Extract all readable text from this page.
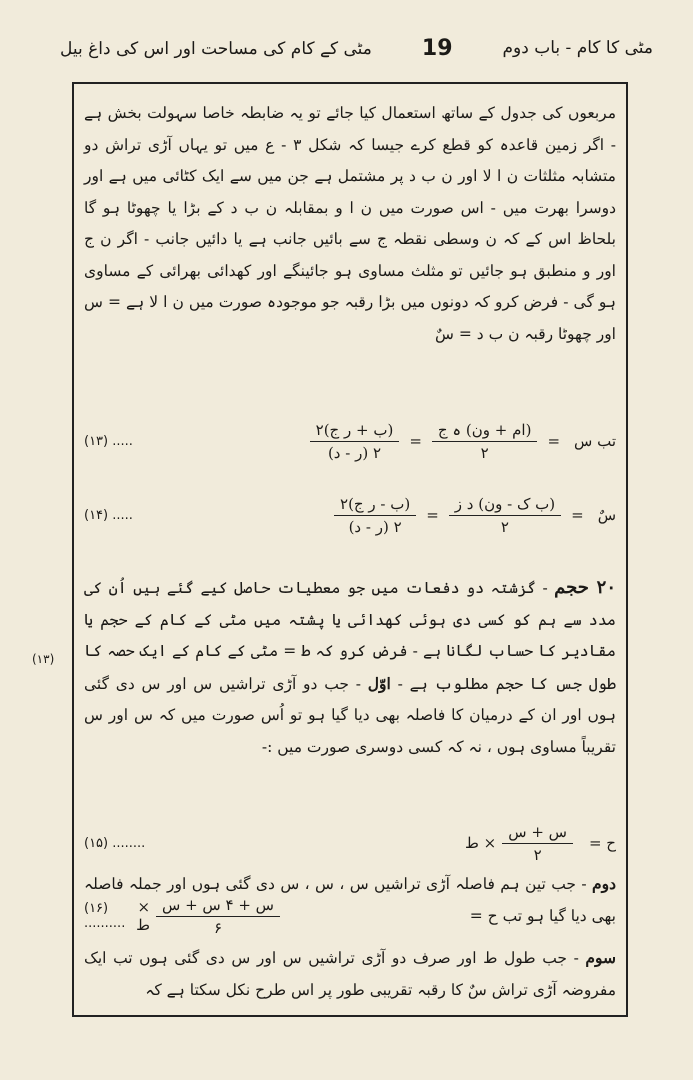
مٹی کا کام - باب دوم
19
مٹی کے کام کی مساحت اور اس کی داغ بیل
(۱۳)
مربعوں کی جدول کے ساتھ استعمال کیا جائے تو یہ ضابطہ خاصا سہولت بخش ہے - اگر زمین قاعدہ کو قطع کرے جیسا کہ شکل ۳ - ع میں تو یہاں آڑی تراش دو متشابہ مثلثات ن ا لا اور ن ب د پر مشتمل ہے جن میں سے ایک کٹائی میں ہے اور دوسرا بھرت میں - اس صورت میں ن ا و بمقابلہ ن ب د کے بڑا یا چھوٹا ہو گا بلحاظ اس کے کہ ن وسطی نقطہ ج سے بائیں جانب ہے یا دائیں جانب - اگر ن ج اور و منطبق ہو جائیں تو مثلث مساوی ہو جائینگے اور کھدائی بھرائی کے مساوی ہو گی - فرض کرو کہ دونوں میں بڑا رقبہ جو موجودہ صورت میں ن ا لا ہے = س اور چھوٹا رقبہ ن ب د = سٌ
تب س
=
$\frac{\text{(ام + ون) ہ ج}}{۲}$
=
$\frac{\text{(ب + ر ج)۲}}{\text{۲ (ر - د)}}$
(۱۳) .....
سٌ
=
$\frac{\text{(ب ک - ون) د ز}}{۲}$
=
$\frac{\text{(ب - ر ج)۲}}{\text{۲ (ر - د)}}$
(۱۴) .....
۲۰ حجم - گزشتہ دو دفعات میں جو معطیات حاصل کیے گئے ہیں اُن کی مدد سے ہم کو کسی دی ہوئی کھدائی یا پشتہ میں مٹی کے کام کے حجم یا مقادیر کا حساب لگانا ہے - فرض کرو کہ ط = مٹی کے کام کے ایک حصہ کا طول جس کا حجم مطلوب ہے - اوّل - جب دو آڑی تراشیں س اور س دی گئی ہوں اور ان کے درمیان کا فاصلہ بھی دیا گیا ہو تو اُس صورت میں کہ س اور س تقریباً مساوی ہوں ، نہ کہ کسی دوسری صورت میں :-
ح =
$\frac{\text{س + س}}{۲}$
× ط
(۱۵) ........
دوم - جب تین ہم فاصلہ آڑی تراشیں س ، س ، س دی گئی ہوں اور جملہ فاصلہ بھی دیا گیا ہو تب ح =
$\frac{\text{س + ۴ س + س}}{۶}$
× ط
(۱۶) ..........
سوم - جب طول ط اور صرف دو آڑی تراشیں س اور س دی گئی ہوں تب ایک مفروضہ آڑی تراش سٌ کا رقبہ تقریبی طور پر اس طرح نکل سکتا ہے کہ
